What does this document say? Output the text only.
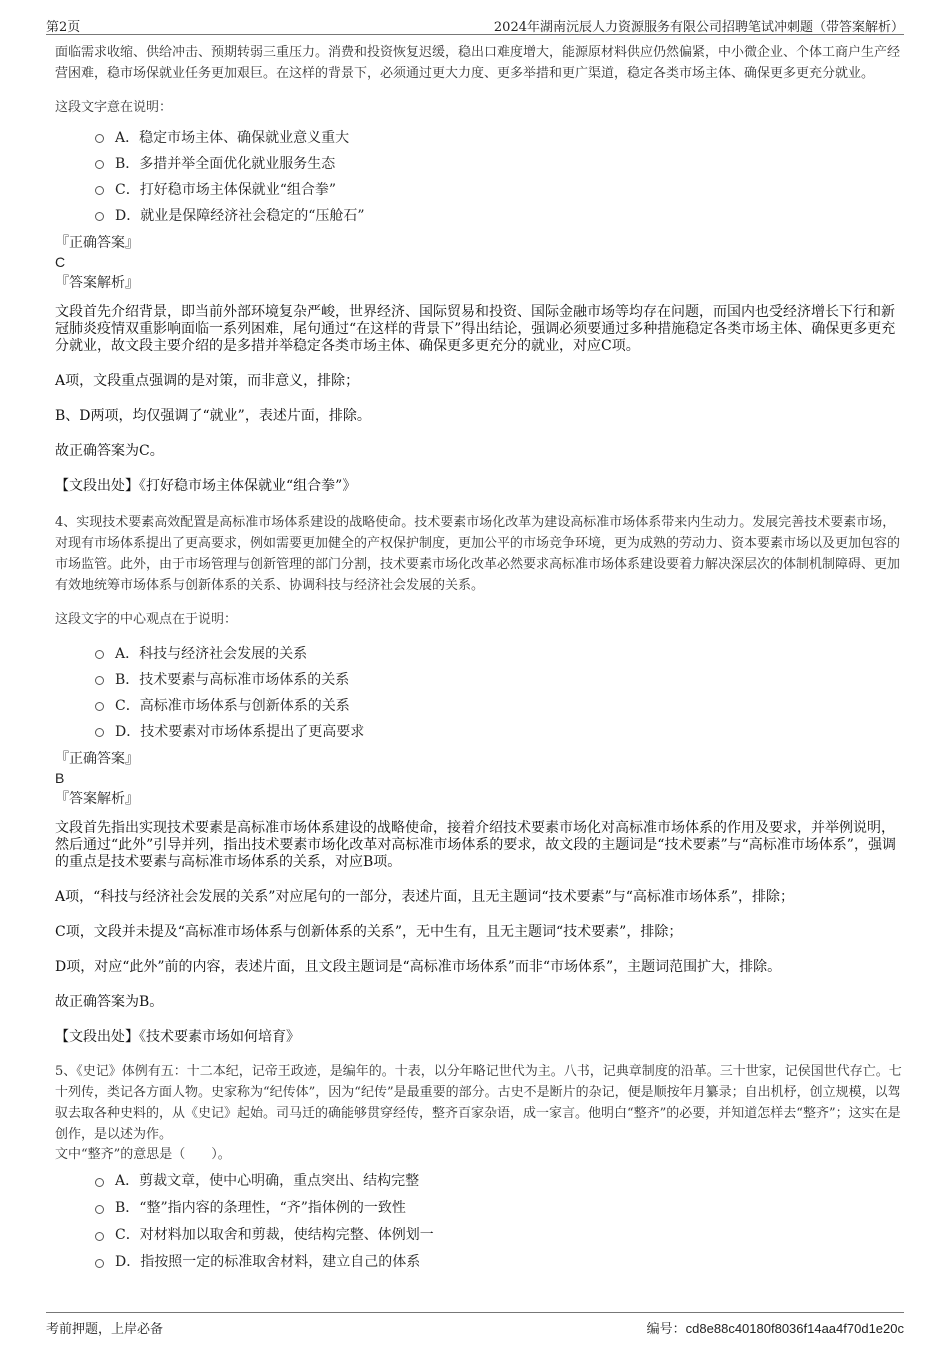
第2页	2024年湖南沅辰人力资源服务有限公司招聘笔试冲刺题（带答案解析）

面临需求收缩、供给冲击、预期转弱三重压力。消费和投资恢复迟缓，稳出口难度增大，能源原材料供应仍然偏紧，中小微企业、个体工商户生产经营困难，稳市场保就业任务更加艰巨。在这样的背景下，必须通过更大力度、更多举措和更广渠道，稳定各类市场主体、确保更多更充分就业。

这段文字意在说明：

A．稳定市场主体、确保就业意义重大
B．多措并举全面优化就业服务生态
C．打好稳市场主体保就业“组合拳”
D．就业是保障经济社会稳定的“压舱石”

『正确答案』

C

『答案解析』

文段首先介绍背景，即当前外部环境复杂严峻，世界经济、国际贸易和投资、国际金融市场等均存在问题，而国内也受经济增长下行和新冠肺炎疫情双重影响面临一系列困难，尾句通过“在这样的背景下”得出结论，强调必须要通过多种措施稳定各类市场主体、确保更多更充分就业，故文段主要介绍的是多措并举稳定各类市场主体、确保更多更充分的就业，对应C项。

A项，文段重点强调的是对策，而非意义，排除；

B、D两项，均仅强调了“就业”，表述片面，排除。

故正确答案为C。

【文段出处】《打好稳市场主体保就业“组合拳”》

4、实现技术要素高效配置是高标准市场体系建设的战略使命。技术要素市场化改革为建设高标准市场体系带来内生动力。发展完善技术要素市场，对现有市场体系提出了更高要求，例如需要更加健全的产权保护制度，更加公平的市场竞争环境，更为成熟的劳动力、资本要素市场以及更加包容的市场监管。此外，由于市场管理与创新管理的部门分割，技术要素市场化改革必然要求高标准市场体系建设要着力解决深层次的体制机制障碍、更加有效地统筹市场体系与创新体系的关系、协调科技与经济社会发展的关系。

这段文字的中心观点在于说明：

A．科技与经济社会发展的关系
B．技术要素与高标准市场体系的关系
C．高标准市场体系与创新体系的关系
D．技术要素对市场体系提出了更高要求

『正确答案』

B

『答案解析』

文段首先指出实现技术要素是高标准市场体系建设的战略使命，接着介绍技术要素市场化对高标准市场体系的作用及要求，并举例说明，然后通过“此外”引导并列，指出技术要素市场化改革对高标准市场体系的要求，故文段的主题词是“技术要素”与“高标准市场体系”，强调的重点是技术要素与高标准市场体系的关系，对应B项。

A项，“科技与经济社会发展的关系”对应尾句的一部分，表述片面，且无主题词“技术要素”与“高标准市场体系”，排除；

C项，文段并未提及“高标准市场体系与创新体系的关系”，无中生有，且无主题词“技术要素”，排除；

D项，对应“此外”前的内容，表述片面，且文段主题词是“高标准市场体系”而非“市场体系”，主题词范围扩大，排除。

故正确答案为B。

【文段出处】《技术要素市场如何培育》

5、《史记》体例有五：十二本纪，记帝王政迹，是编年的。十表，以分年略记世代为主。八书，记典章制度的沿革。三十世家，记侯国世代存亡。七十列传，类记各方面人物。史家称为“纪传体”，因为“纪传”是最重要的部分。古史不是断片的杂记，便是顺按年月纂录；自出机杼，创立规模，以驾驭去取各种史料的，从《史记》起始。司马迁的确能够贯穿经传，整齐百家杂语，成一家言。他明白“整齐”的必要，并知道怎样去“整齐”；这实在是创作，是以述为作。

文中“整齐”的意思是（　　）。

A．剪裁文章，使中心明确，重点突出、结构完整
B．“整”指内容的条理性，“齐”指体例的一致性
C．对材料加以取舍和剪裁，使结构完整、体例划一
D．指按照一定的标准取舍材料，建立自己的体系
考前押题，上岸必备	编号：cd8e88c40180f8036f14aa4f70d1e20c
